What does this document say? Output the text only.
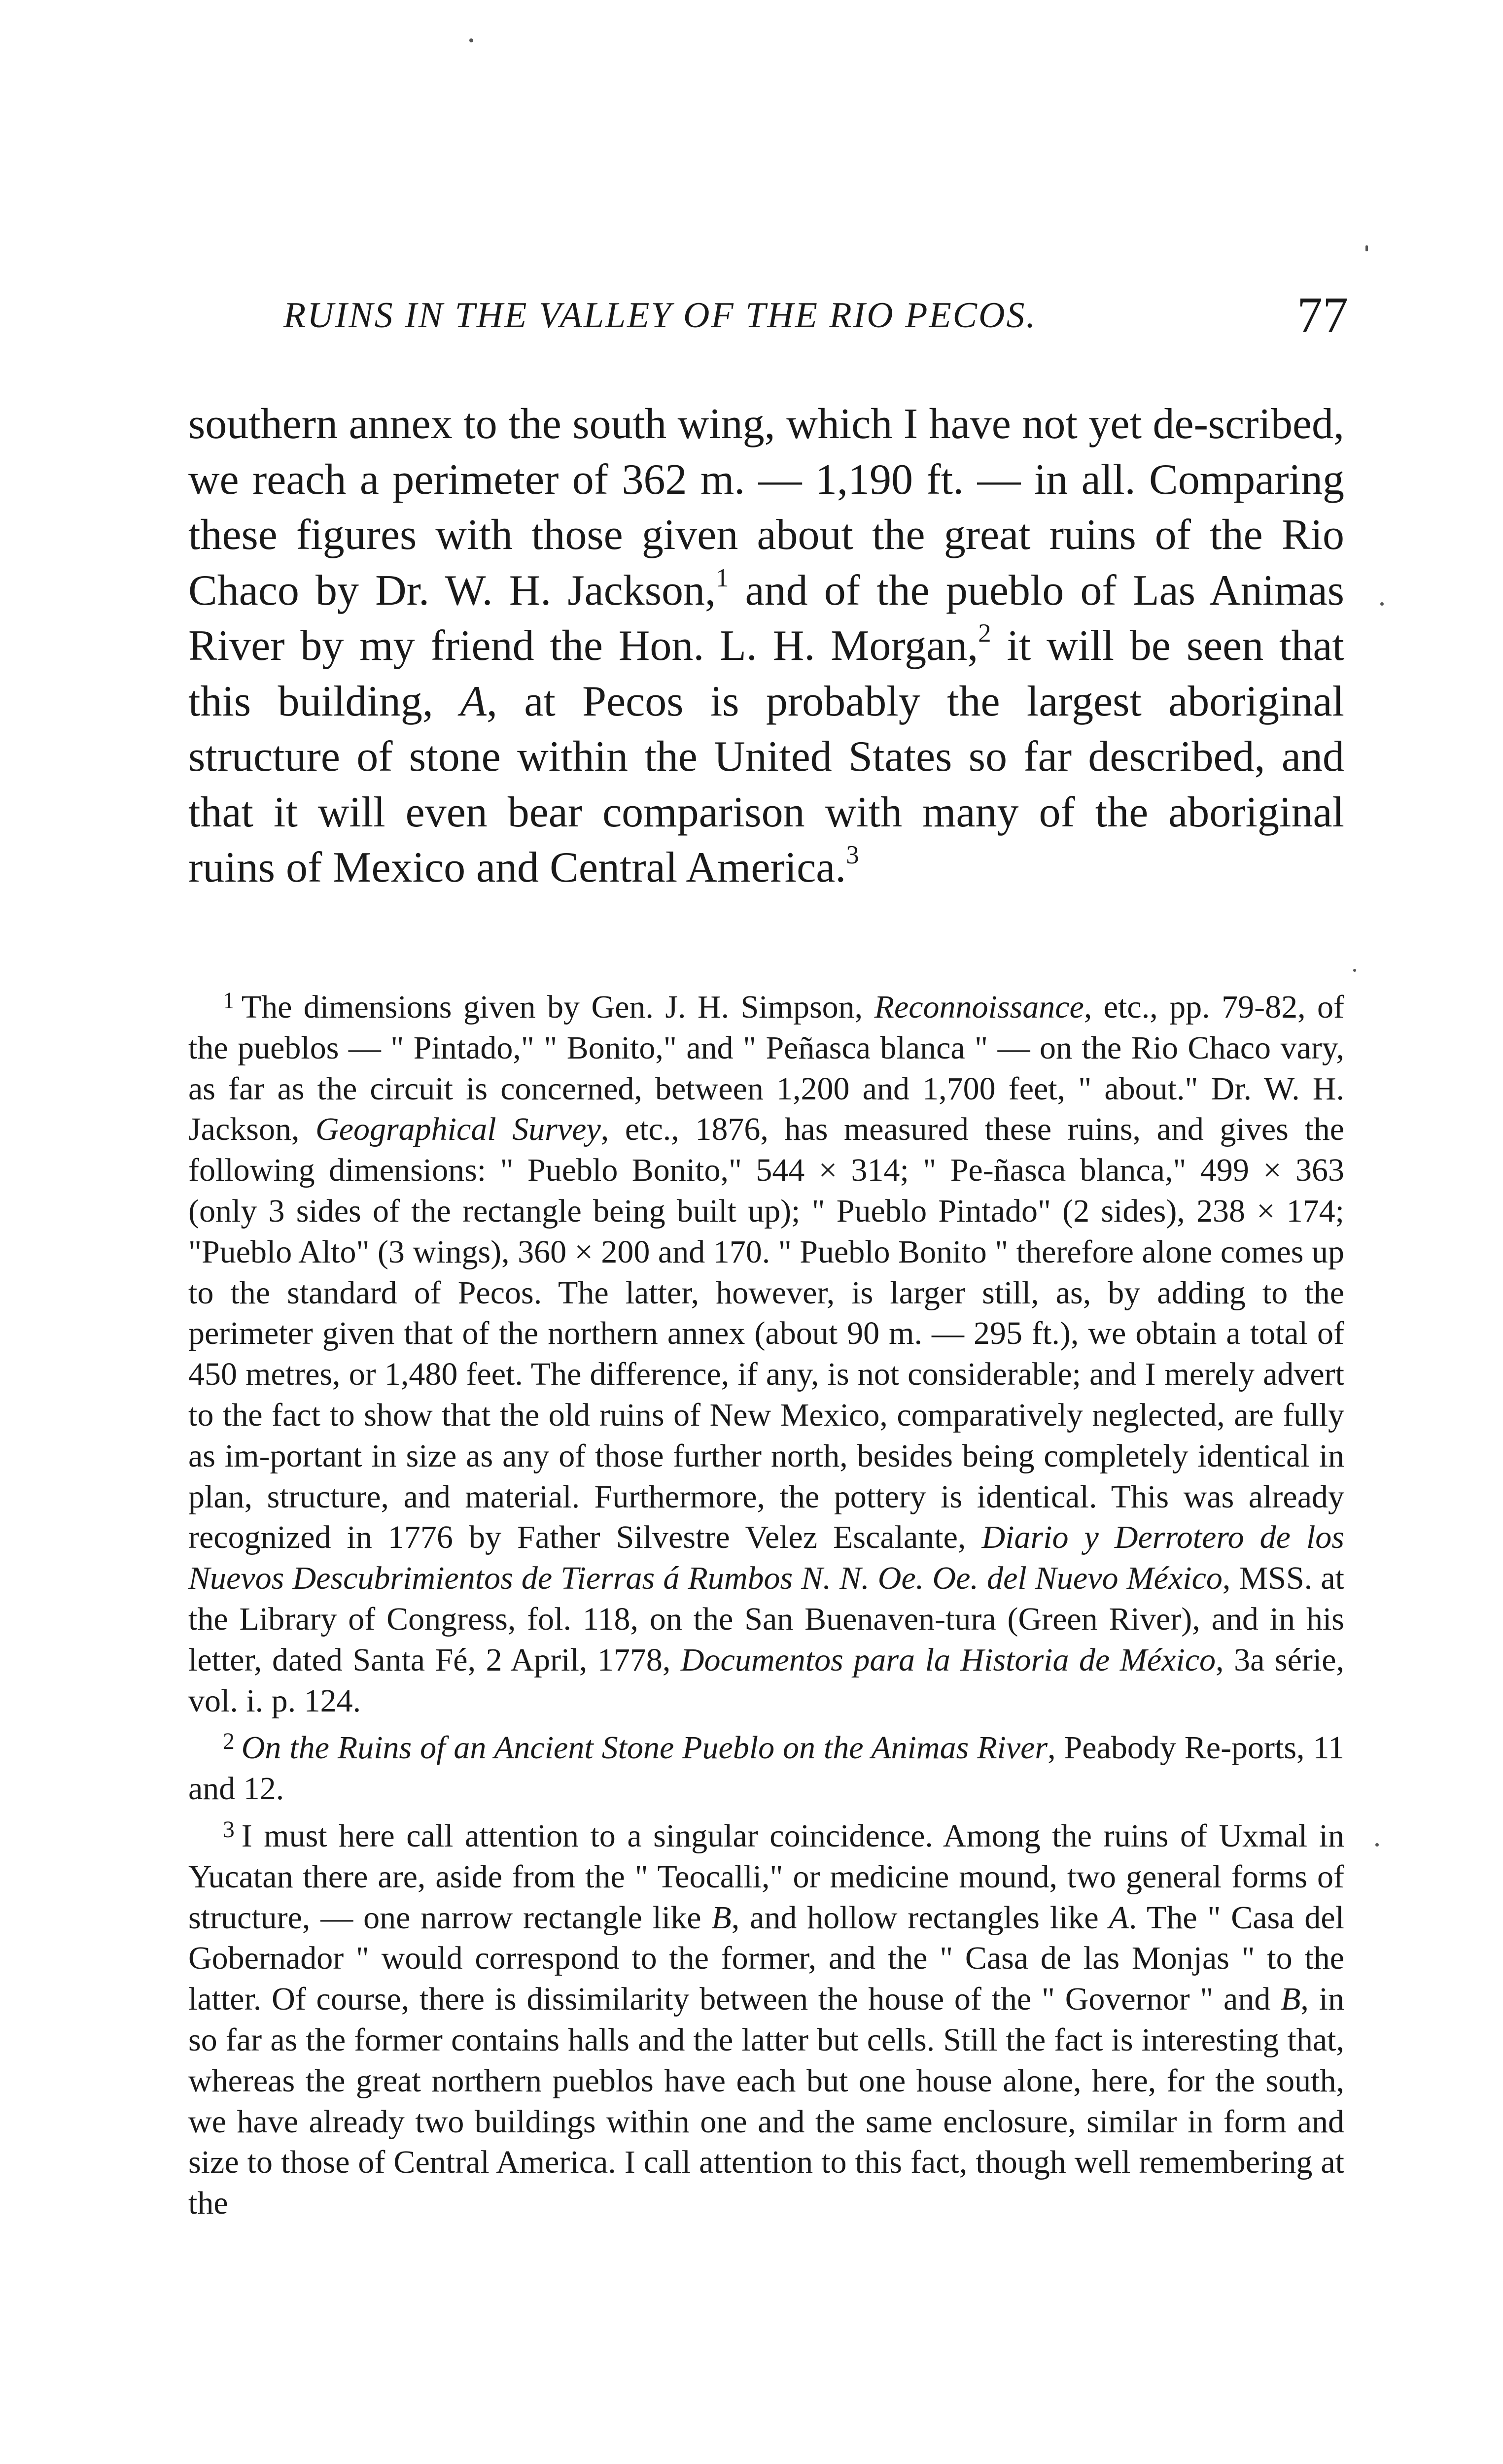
RUINS IN THE VALLEY OF THE RIO PECOS.	77
southern annex to the south wing, which I have not yet de-scribed, we reach a perimeter of 362 m. — 1,190 ft. — in all. Comparing these figures with those given about the great ruins of the Rio Chaco by Dr. W. H. Jackson,$^1$ and of the pueblo of Las Animas River by my friend the Hon. L. H. Morgan,$^2$ it will be seen that this building, A, at Pecos is probably the largest aboriginal structure of stone within the United States so far described, and that it will even bear comparison with many of the aboriginal ruins of Mexico and Central America.$^3$

$^1$ The dimensions given by Gen. J. H. Simpson, Reconnoissance, etc., pp. 79-82, of the pueblos — " Pintado," " Bonito," and " Peñasca blanca " — on the Rio Chaco vary, as far as the circuit is concerned, between 1,200 and 1,700 feet, " about." Dr. W. H. Jackson, Geographical Survey, etc., 1876, has measured these ruins, and gives the following dimensions: " Pueblo Bonito," 544 × 314; " Pe-ñasca blanca," 499 × 363 (only 3 sides of the rectangle being built up); " Pueblo Pintado" (2 sides), 238 × 174; "Pueblo Alto" (3 wings), 360 × 200 and 170. " Pueblo Bonito " therefore alone comes up to the standard of Pecos. The latter, however, is larger still, as, by adding to the perimeter given that of the northern annex (about 90 m. — 295 ft.), we obtain a total of 450 metres, or 1,480 feet. The difference, if any, is not considerable; and I merely advert to the fact to show that the old ruins of New Mexico, comparatively neglected, are fully as im-portant in size as any of those further north, besides being completely identical in plan, structure, and material. Furthermore, the pottery is identical. This was already recognized in 1776 by Father Silvestre Velez Escalante, Diario y Derrotero de los Nuevos Descubrimientos de Tierras á Rumbos N. N. Oe. Oe. del Nuevo México, MSS. at the Library of Congress, fol. 118, on the San Buenaven-tura (Green River), and in his letter, dated Santa Fé, 2 April, 1778, Documentos para la Historia de México, 3a série, vol. i. p. 124.

$^2$ On the Ruins of an Ancient Stone Pueblo on the Animas River, Peabody Re-ports, 11 and 12.

$^3$ I must here call attention to a singular coincidence. Among the ruins of Uxmal in Yucatan there are, aside from the " Teocalli," or medicine mound, two general forms of structure, — one narrow rectangle like B, and hollow rectangles like A. The " Casa del Gobernador " would correspond to the former, and the " Casa de las Monjas " to the latter. Of course, there is dissimilarity between the house of the " Governor " and B, in so far as the former contains halls and the latter but cells. Still the fact is interesting that, whereas the great northern pueblos have each but one house alone, here, for the south, we have already two buildings within one and the same enclosure, similar in form and size to those of Central America. I call attention to this fact, though well remembering at the
